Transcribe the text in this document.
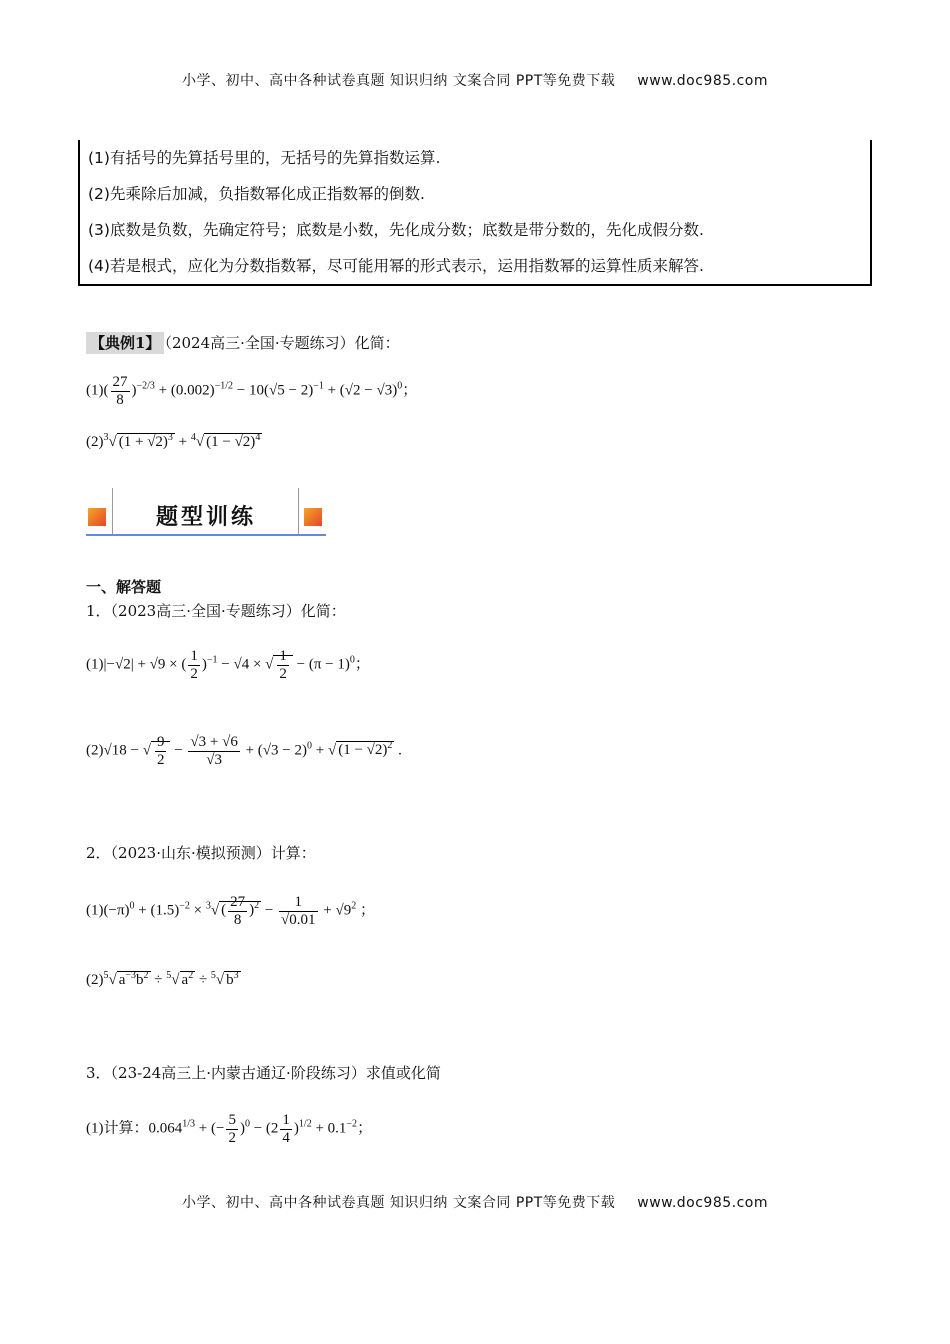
小学、初中、高中各种试卷真题 知识归纳 文案合同 PPT等免费下载 www.doc985.com
(1)有括号的先算括号里的，无括号的先算指数运算.
(2)先乘除后加减，负指数幂化成正指数幂的倒数.
(3)底数是负数，先确定符号；底数是小数，先化成分数；底数是带分数的，先化成假分数.
(4)若是根式，应化为分数指数幂，尽可能用幂的形式表示，运用指数幂的运算性质来解答.
【典例1】 （2024高三·全国·专题练习）化简：
$(1)( \frac{27}{8} )^{-2/3} + (0.002)^{-1/2} - 10(√5 - 2)^{-1} + (√2 - √3)^0$；
$(2)^3√$ $(1 + √2)^3 + ^4√$ $(1 - √2)^4$
题型训练
一、解答题
1．（2023高三·全国·专题练习）化简：
(1)|−√2| + √9 × ( $\frac{1}{2} )^{-1} - √4$ × √ $\frac{1}{2} - (\pi - 1)^0$；
(2)√18 − √ $\frac{9}{2} - \frac{√3 + √6}{√3} + (√3 - 2)^0$ + √ $(1 - √2)^2$ .
2．（2023·山东·模拟预测）计算：
$(1)(-\pi)^0 + (1.5)^{-2} \times ^3√$ ( $\frac{27}{8} )^2 - \frac{1}{√0.01} + √9^2$ ；
$(2)^5√$ $a^{-3}b^2 \div ^5√$ $a^2 \div ^5√$ $b^3$
3．（23-24高三上·内蒙古通辽·阶段练习）求值或化简
(1)计算：$0.064^{1/3}$ + (− $\frac{5}{2} )^0 - (2 \frac{1}{4} )^{1/2} + 0.1^{-2}$；
小学、初中、高中各种试卷真题 知识归纳 文案合同 PPT等免费下载 www.doc985.com
